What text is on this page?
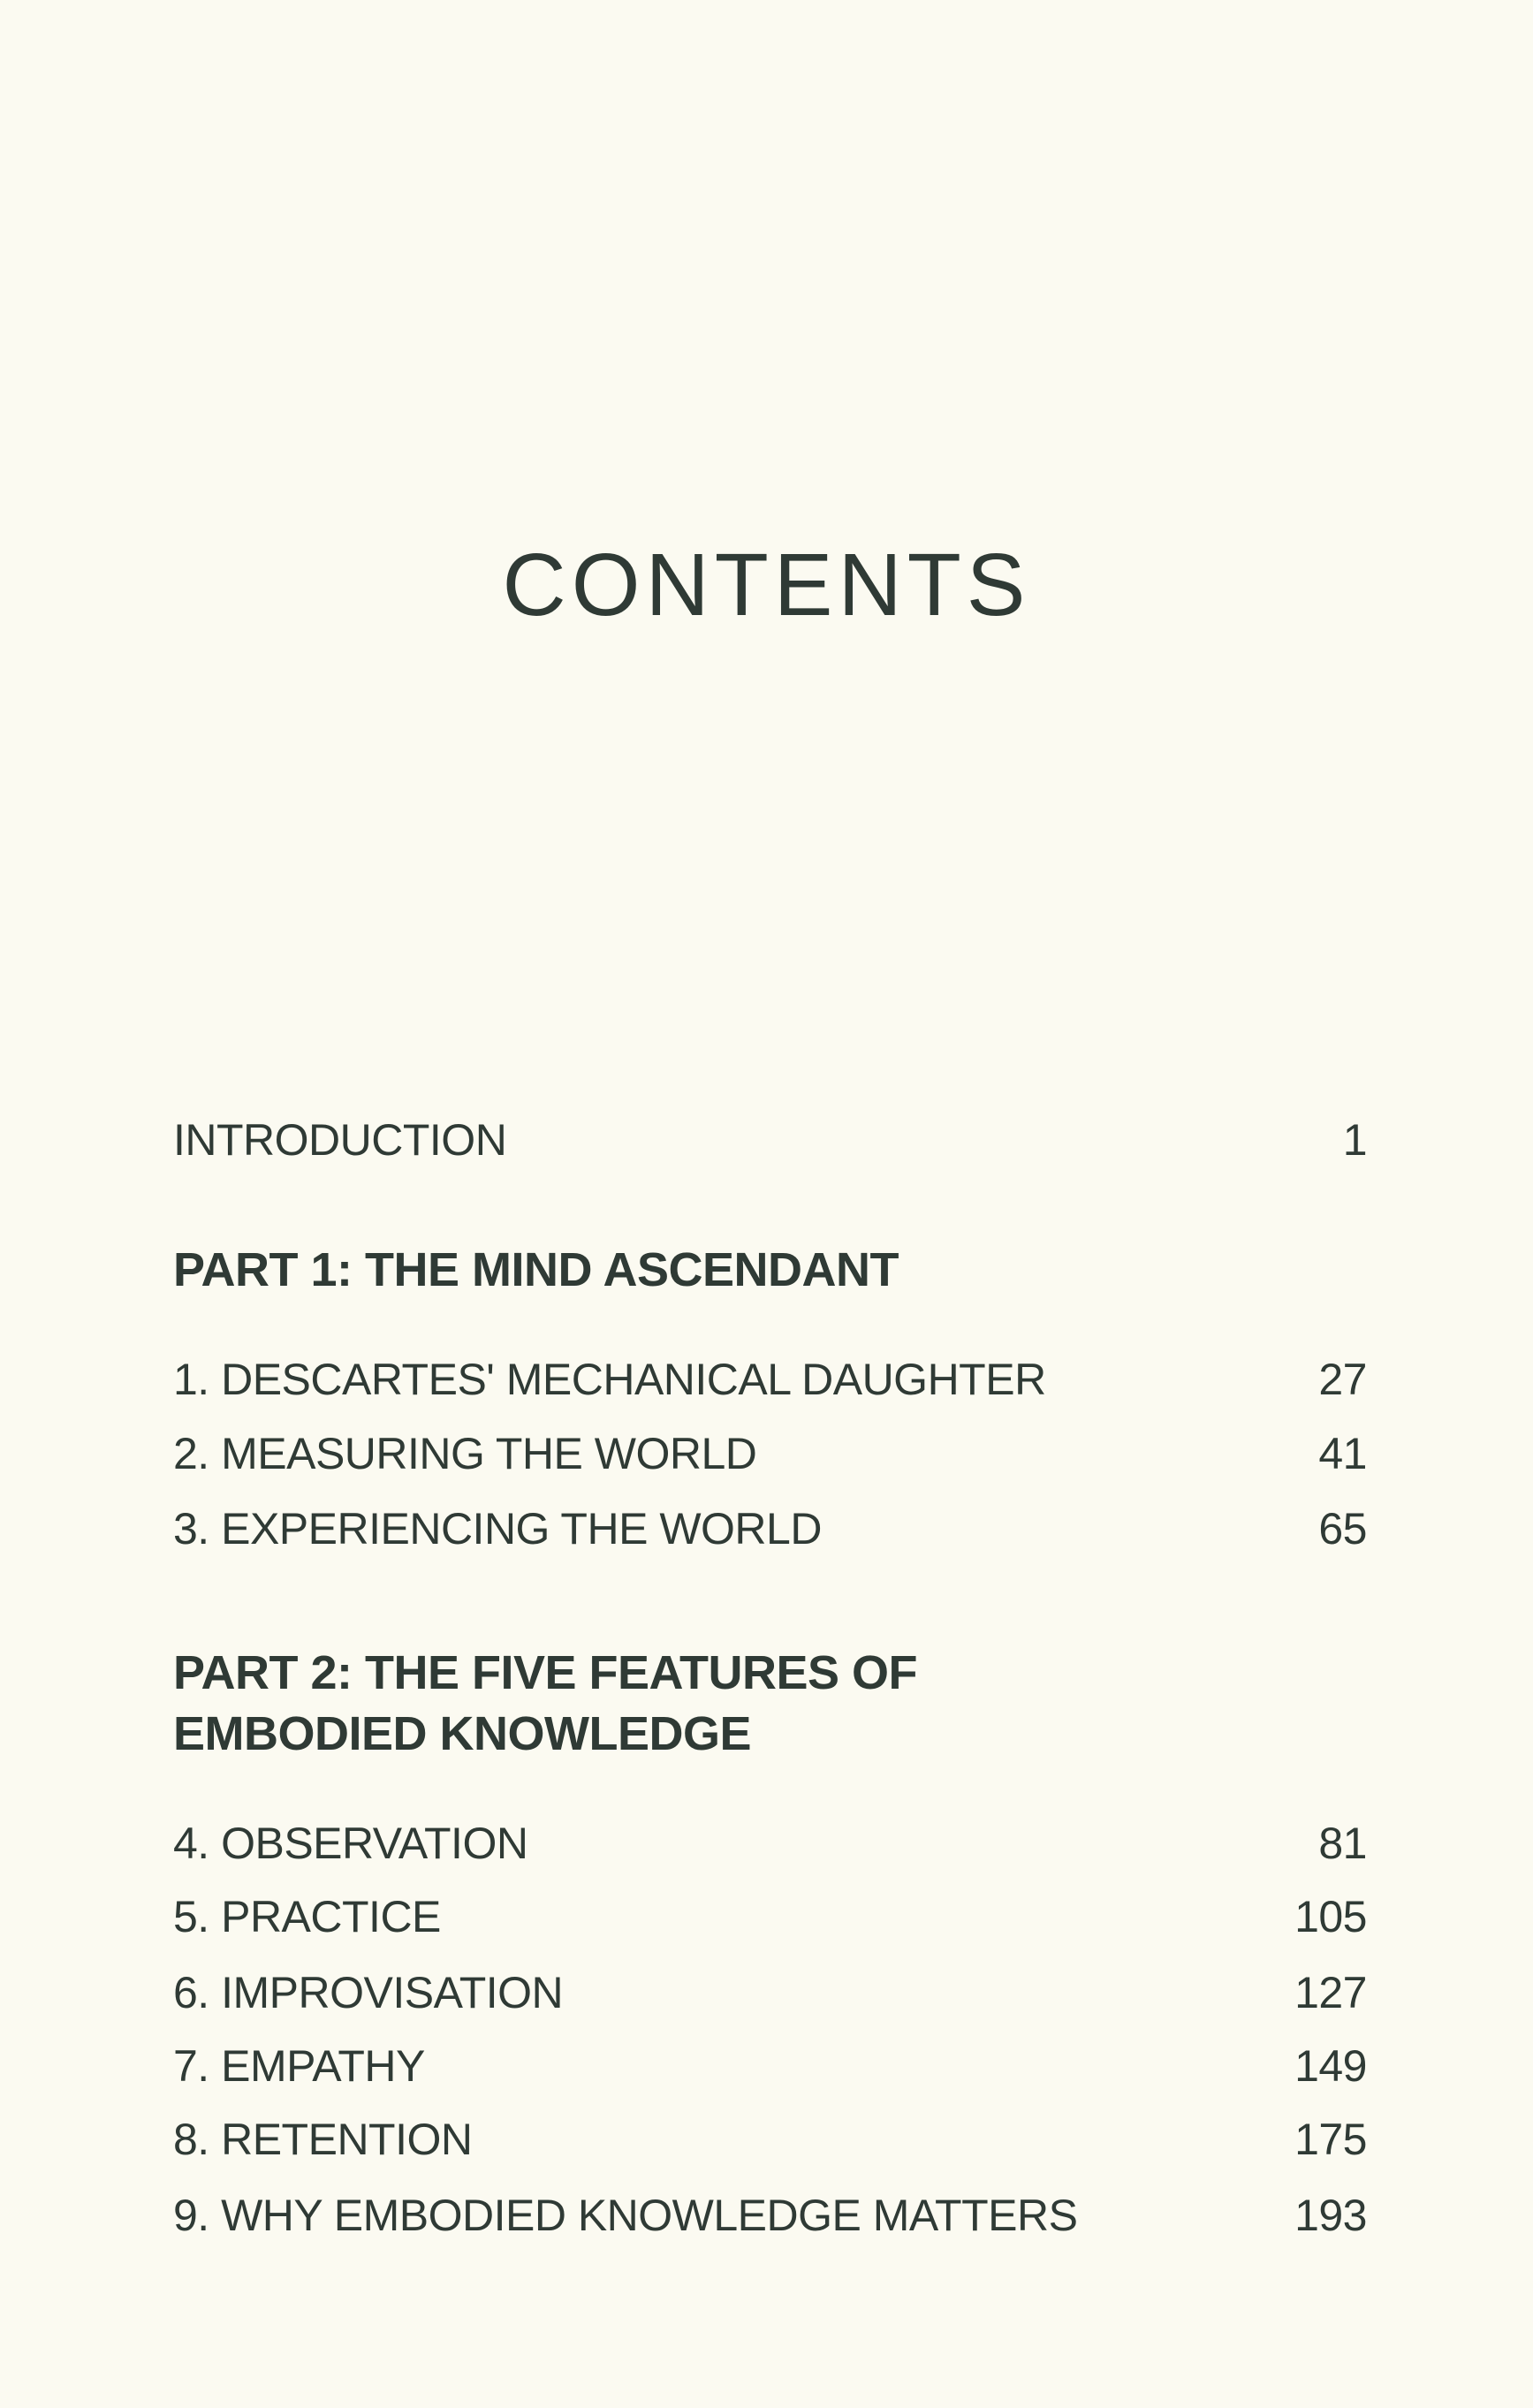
CONTENTS
INTRODUCTION	1
PART 1: THE MIND ASCENDANT
1. DESCARTES' MECHANICAL DAUGHTER	27
2. MEASURING THE WORLD	41
3. EXPERIENCING THE WORLD	65
PART 2: THE FIVE FEATURES OF
EMBODIED KNOWLEDGE
4. OBSERVATION	81
5. PRACTICE	105
6. IMPROVISATION	127
7. EMPATHY	149
8. RETENTION	175
9. WHY EMBODIED KNOWLEDGE MATTERS	193
